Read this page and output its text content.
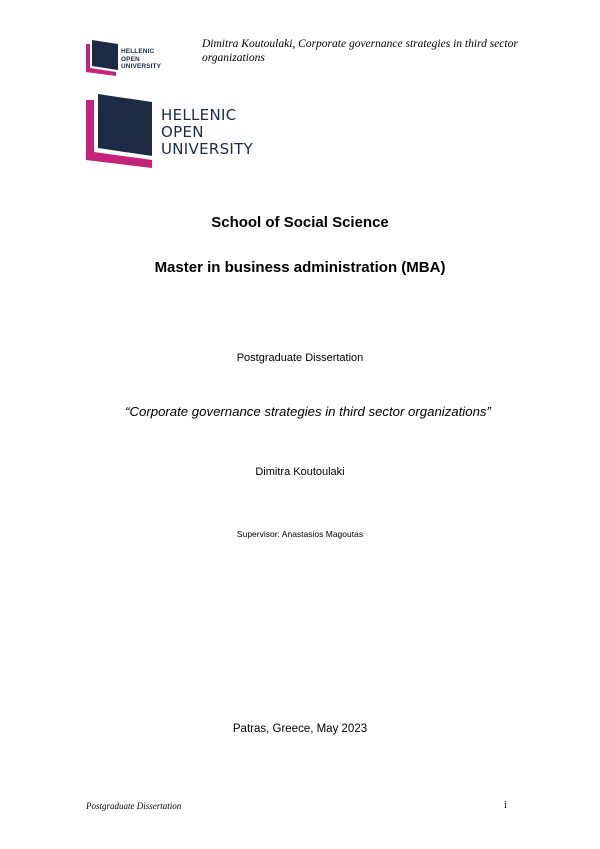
HELLENIC
OPEN
UNIVERSITY
Dimitra Koutoulaki, Corporate governance strategies in third sector organizations
HELLENIC
OPEN
UNIVERSITY
School of Social Science
Master in business administration (MBA)
Postgraduate Dissertation
“Corporate governance strategies in third sector organizations”
Dimitra Koutoulaki
Supervisor: Anastasios Magoutas
Patras, Greece, May 2023
Postgraduate Dissertation	i
